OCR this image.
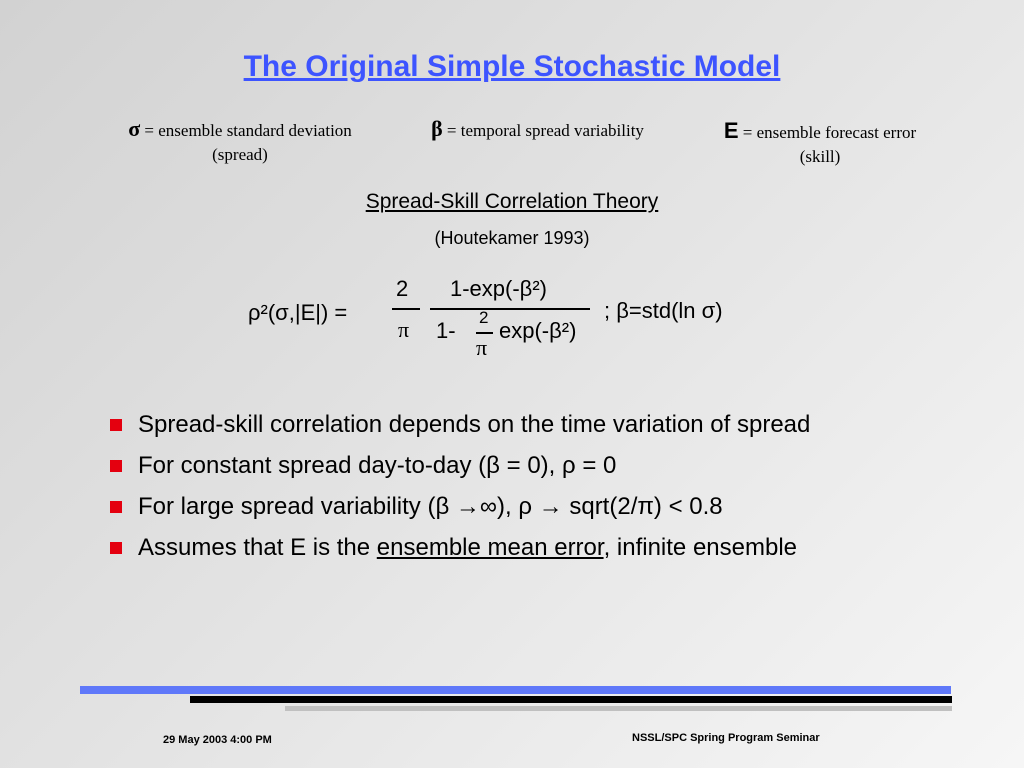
The Original Simple Stochastic Model
σ = ensemble standard deviation
(spread)
β = temporal spread variability	E = ensemble forecast error
(skill)
Spread-Skill Correlation Theory
(Houtekamer 1993)
ρ²(σ,|E|) =
2
π
1-exp(-β²)
1-
2
π
exp(-β²)
; β=std(ln σ)
Spread-skill correlation depends on the time variation of spread
For constant spread day-to-day (β = 0), ρ = 0
For large spread variability (β →∞), ρ → sqrt(2/π) < 0.8
Assumes that E is the ensemble mean error, infinite ensemble
29 May 2003 4:00 PM	NSSL/SPC Spring Program Seminar
